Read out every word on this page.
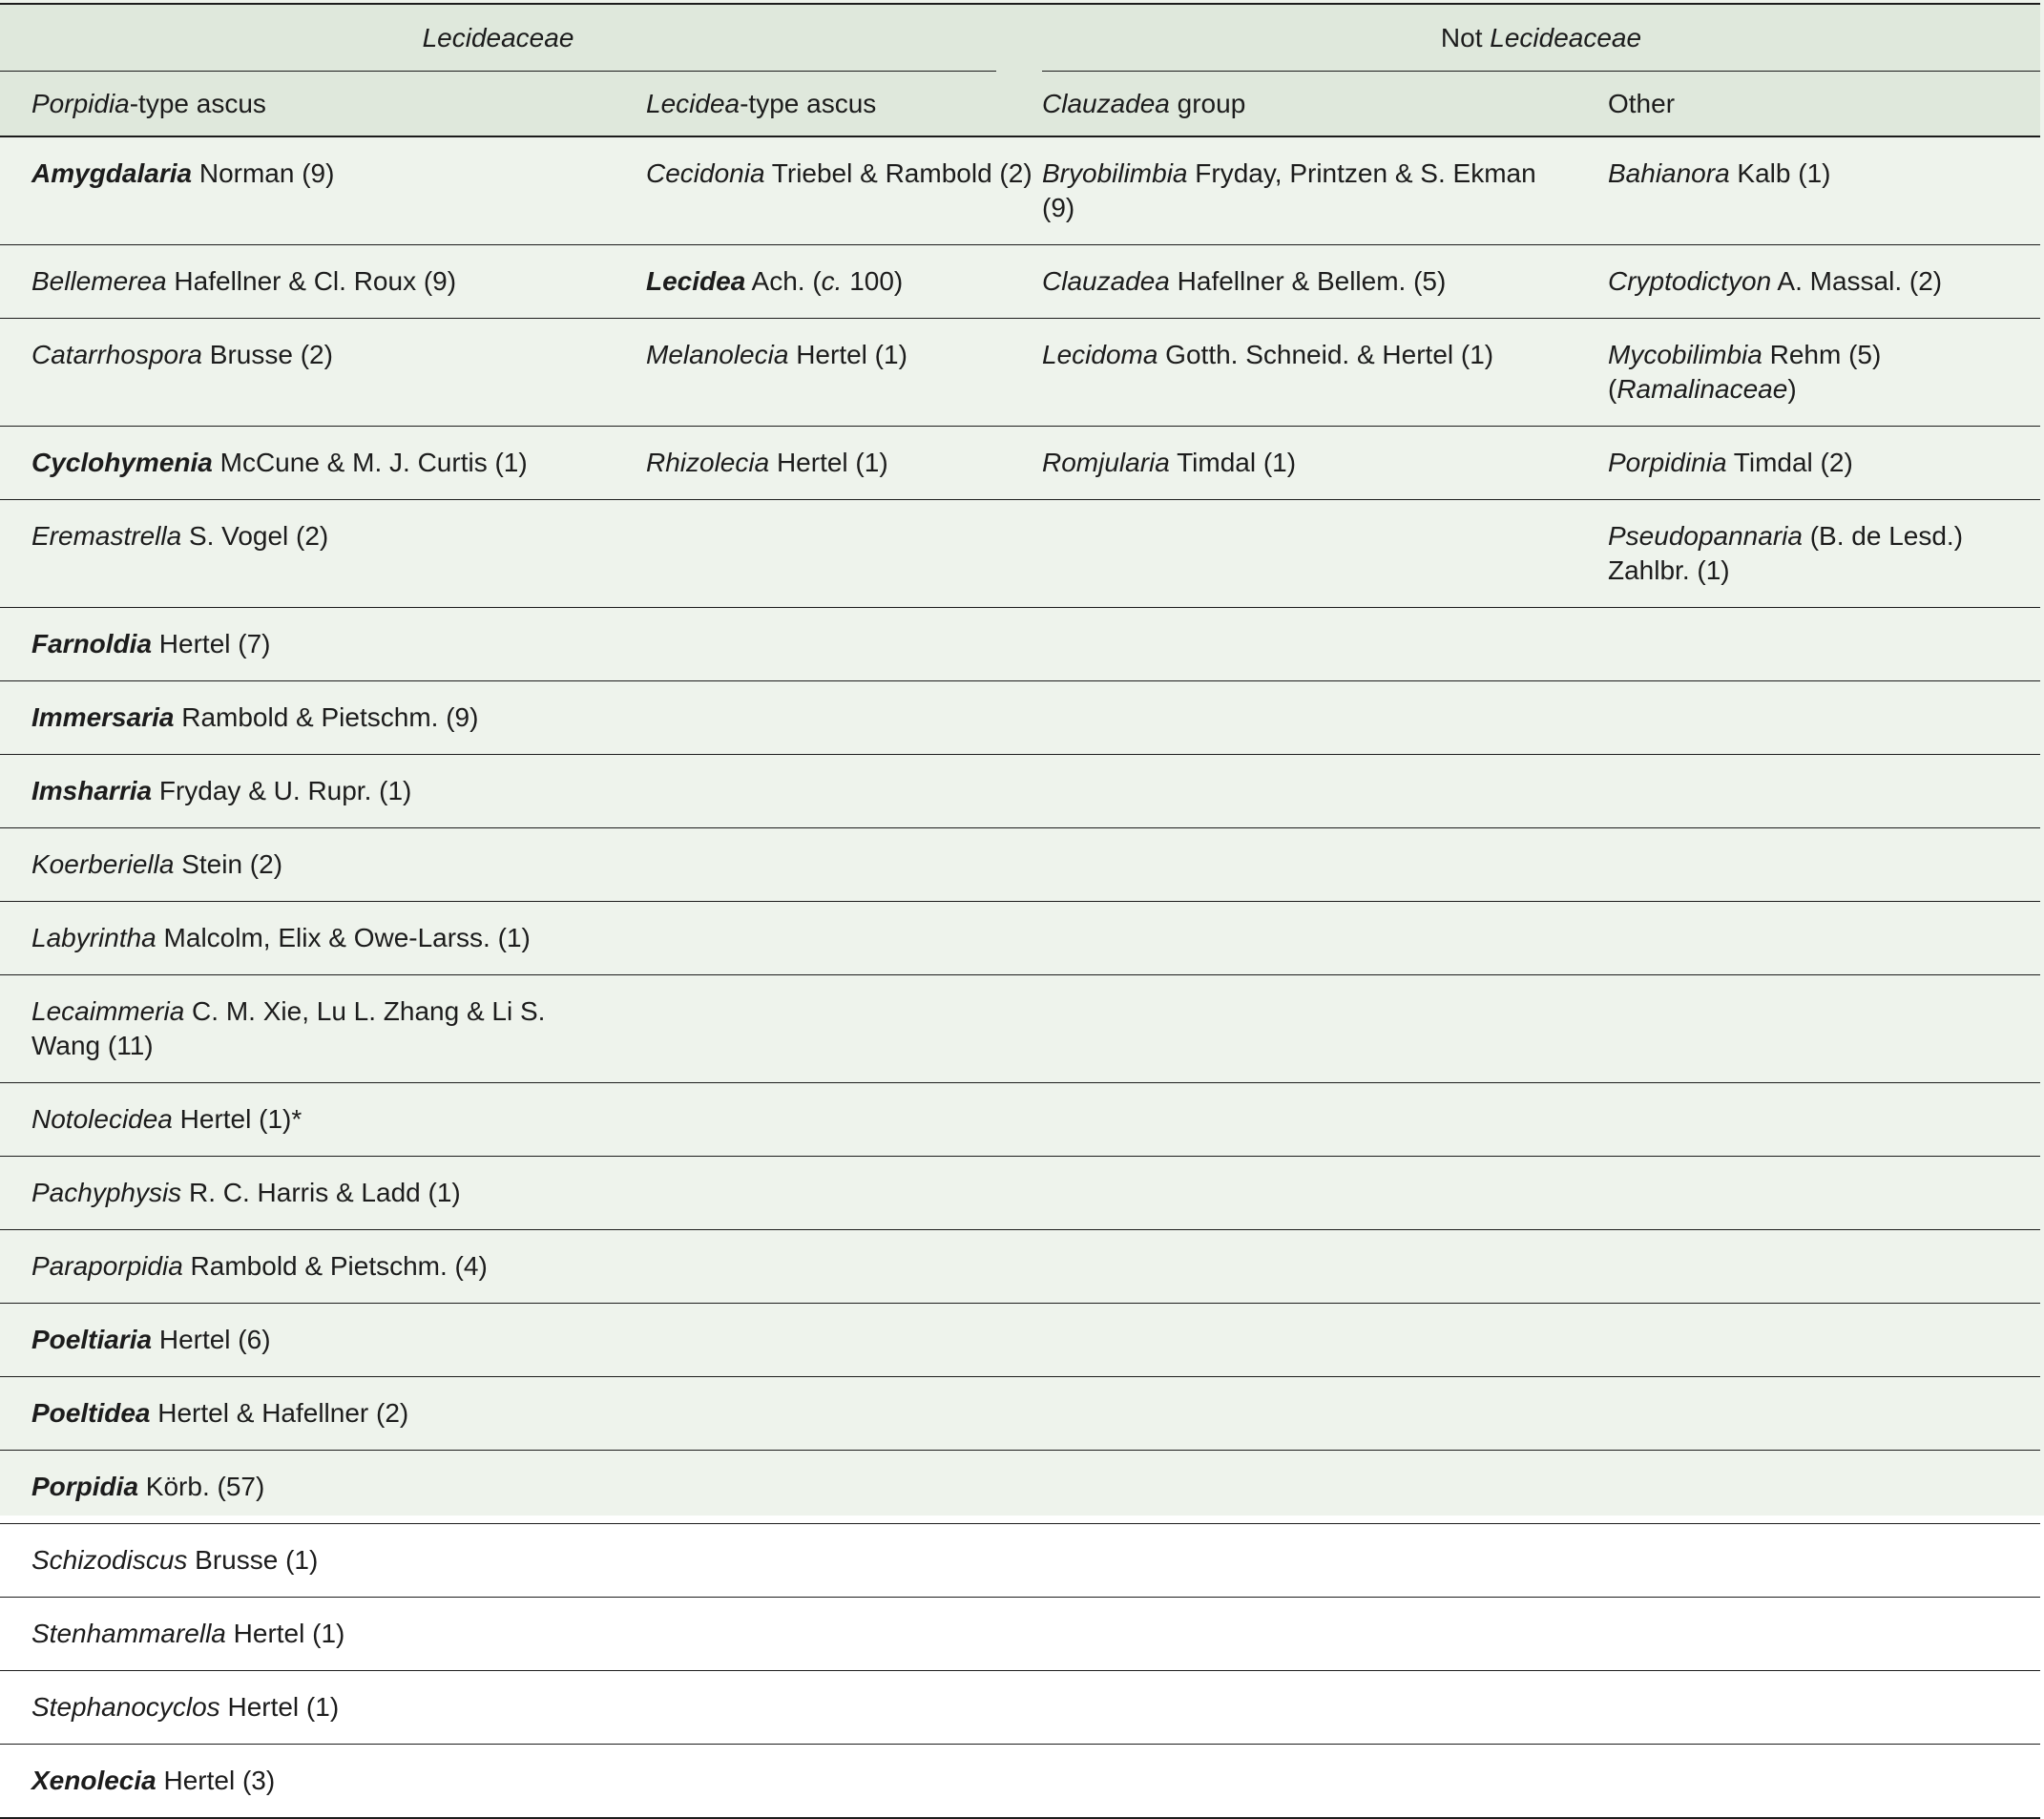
Lecideaceae			Not Lecideaceae	
Porpidia-type ascus	Lecidea-type ascus		Clauzadea group	Other
Amygdalaria Norman (9)	Cecidonia Triebel & Rambold (2)		Bryobilimbia Fryday, Printzen & S. Ekman (9)	Bahianora Kalb (1)
Bellemerea Hafellner & Cl. Roux (9)	Lecidea Ach. (c. 100)		Clauzadea Hafellner & Bellem. (5)	Cryptodictyon A. Massal. (2)
Catarrhospora Brusse (2)	Melanolecia Hertel (1)		Lecidoma Gotth. Schneid. & Hertel (1)	Mycobilimbia Rehm (5) (Ramalinaceae)
Cyclohymenia McCune & M. J. Curtis (1)	Rhizolecia Hertel (1)		Romjularia Timdal (1)	Porpidinia Timdal (2)
Eremastrella S. Vogel (2)				Pseudopannaria (B. de Lesd.) Zahlbr. (1)
Farnoldia Hertel (7)				
Immersaria Rambold & Pietschm. (9)				
Imsharria Fryday & U. Rupr. (1)				
Koerberiella Stein (2)				
Labyrintha Malcolm, Elix & Owe-Larss. (1)				
Lecaimmeria C. M. Xie, Lu L. Zhang & Li S. Wang (11)				
Notolecidea Hertel (1)*				
Pachyphysis R. C. Harris & Ladd (1)				
Paraporpidia Rambold & Pietschm. (4)				
Poeltiaria Hertel (6)				
Poeltidea Hertel & Hafellner (2)				
Porpidia Körb. (57)				
Schizodiscus Brusse (1)				
Stenhammarella Hertel (1)				
Stephanocyclos Hertel (1)				
Xenolecia Hertel (3)				
